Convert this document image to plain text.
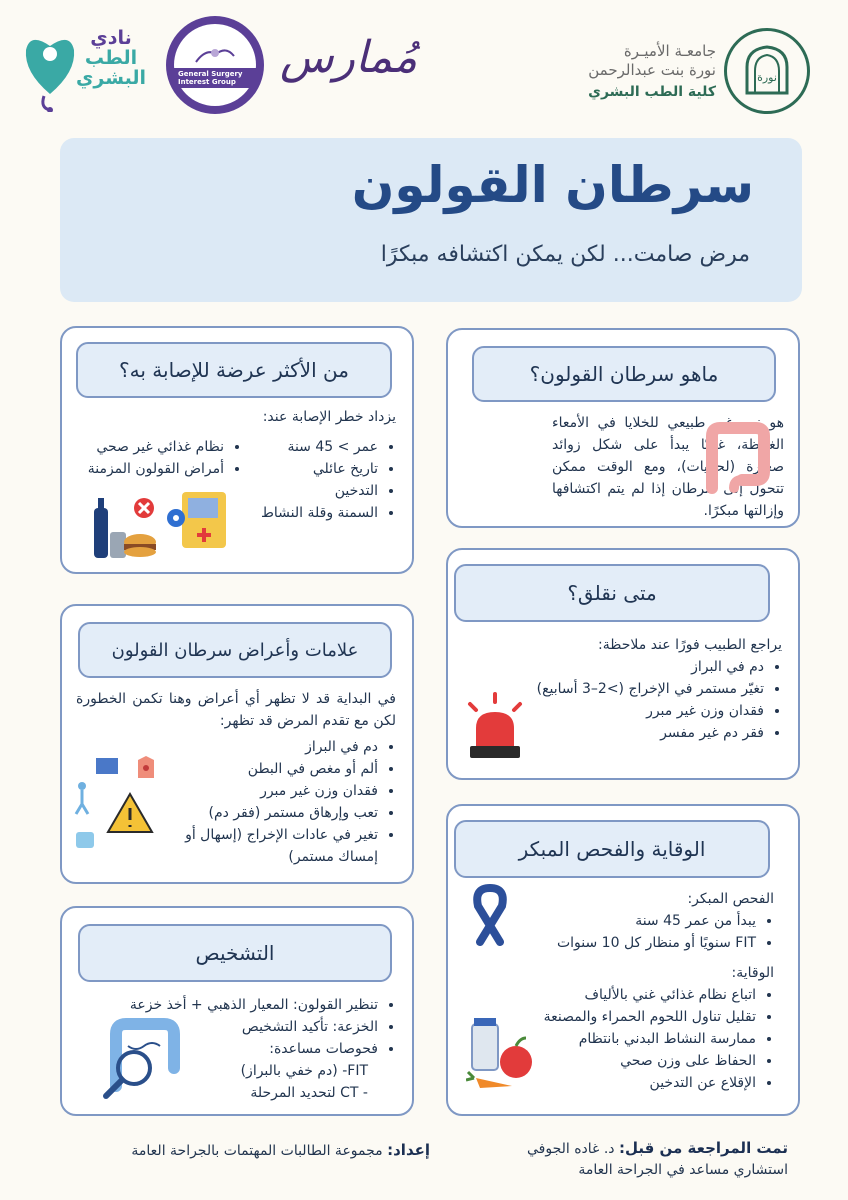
نورة
جامعـة الأميـرة
نورة بنت عبدالرحمن
كلية الطب البشري
مُمارس
General Surgery Interest Group
نادي
الطب
البشري
سرطان القولون
مرض صامت... لكن يمكن اكتشافه مبكرًا
ماهو سرطان القولون؟
هو نمو غير طبيعي للخلايا في الأمعاء الغليظة، غالبًا يبدأ على شكل زوائد صغيرة (لحميات)، ومع الوقت ممكن تتحول إلى سرطان إذا لم يتم اكتشافها وإزالتها مبكرًا.
من الأكثر عرضة للإصابة به؟
يزداد خطر الإصابة عند:
• عمر > 45 سنة
• تاريخ عائلي
• التدخين
• السمنة وقلة النشاط
• نظام غذائي غير صحي
• أمراض القولون المزمنة
متى نقلق؟
يراجع الطبيب فورًا عند ملاحظة:
• دم في البراز
• تغيّر مستمر في الإخراج (>2–3 أسابيع)
• فقدان وزن غير مبرر
• فقر دم غير مفسر
علامات وأعراض سرطان القولون
في البداية قد لا تظهر أي أعراض وهنا تكمن الخطورة لكن مع تقدم المرض قد تظهر:
• دم في البراز
• ألم أو مغص في البطن
• فقدان وزن غير مبرر
• تعب وإرهاق مستمر (فقر دم)
• تغير في عادات الإخراج (إسهال أو إمساك مستمر)	الوقاية والفحص المبكر
الفحص المبكر:
• يبدأ من عمر 45 سنة
• FIT سنويًا أو منظار كل 10 سنوات
الوقاية:
• اتباع نظام غذائي غني بالألياف
• تقليل تناول اللحوم الحمراء والمصنعة
• ممارسة النشاط البدني بانتظام
• الحفاظ على وزن صحي
• الإقلاع عن التدخين
التشخيص
• تنظير القولون: المعيار الذهبي + أخذ خزعة
• الخزعة: تأكيد التشخيص
• فحوصات مساعدة:
FIT- (دم خفي بالبراز)
- CT لتحديد المرحلة
تمت المراجعة من قبل: د. غاده الجوفي
استشاري مساعد في الجراحة العامة
إعداد: مجموعة الطالبات المهتمات بالجراحة العامة
